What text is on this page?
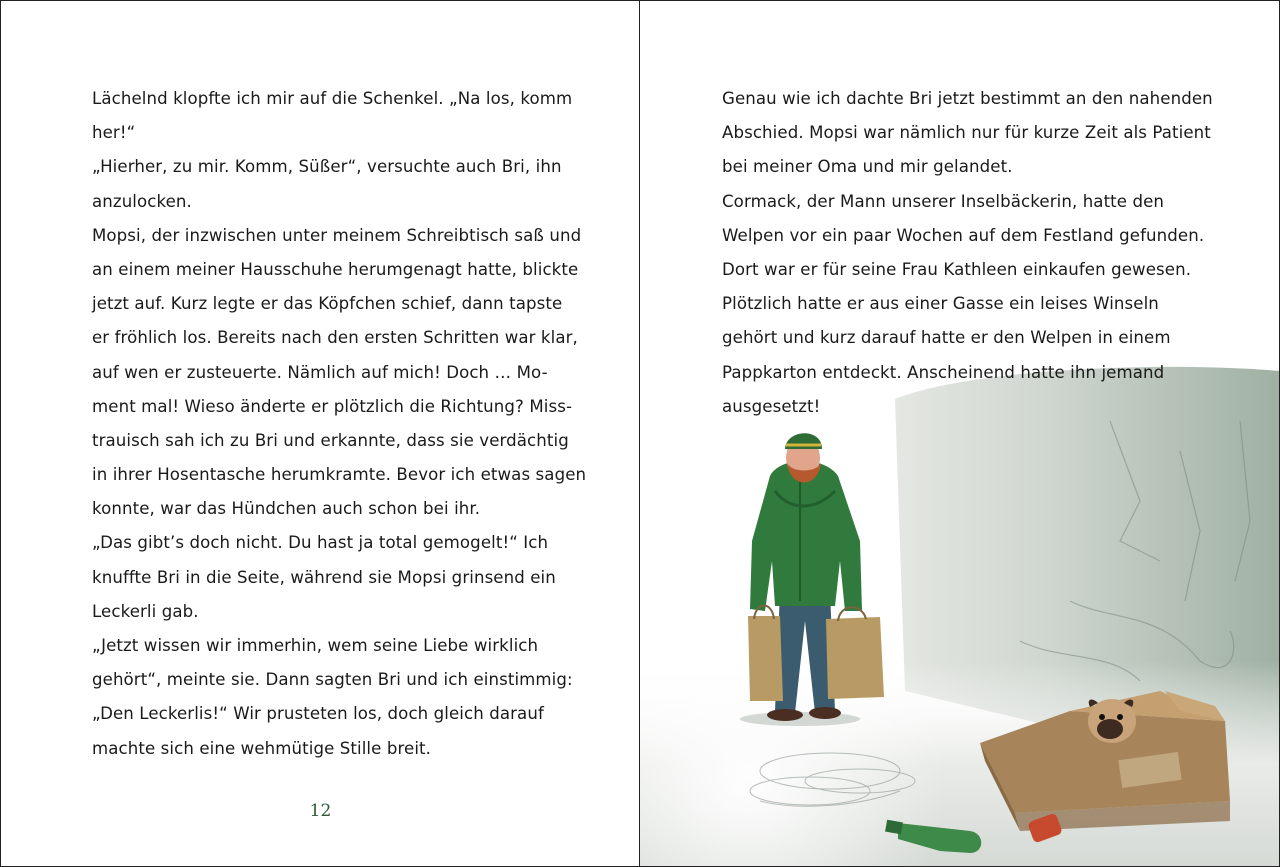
Lächelnd klopfte ich mir auf die Schenkel. „Na los, komm
her!“
„Hierher, zu mir. Komm, Süßer“, versuchte auch Bri, ihn
anzulocken.
Mopsi, der inzwischen unter meinem Schreibtisch saß und
an einem meiner Hausschuhe herumgenagt hatte, blickte
jetzt auf. Kurz legte er das Köpfchen schief, dann tapste
er fröhlich los. Bereits nach den ersten Schritten war klar,
auf wen er zusteuerte. Nämlich auf mich! Doch … Mo-
ment mal! Wieso änderte er plötzlich die Richtung? Miss-
trauisch sah ich zu Bri und erkannte, dass sie verdächtig
in ihrer Hosentasche herumkramte. Bevor ich etwas sagen
konnte, war das Hündchen auch schon bei ihr.
„Das gibt’s doch nicht. Du hast ja total gemogelt!“ Ich
knuffte Bri in die Seite, während sie Mopsi grinsend ein
Leckerli gab.
„Jetzt wissen wir immerhin, wem seine Liebe wirklich
gehört“, meinte sie. Dann sagten Bri und ich einstimmig:
„Den Leckerlis!“ Wir prusteten los, doch gleich darauf
machte sich eine wehmütige Stille breit.
12
Genau wie ich dachte Bri jetzt bestimmt an den nahenden
Abschied. Mopsi war nämlich nur für kurze Zeit als Patient
bei meiner Oma und mir gelandet.
Cormack, der Mann unserer Inselbäckerin, hatte den
Welpen vor ein paar Wochen auf dem Festland gefunden.
Dort war er für seine Frau Kathleen einkaufen gewesen.
Plötzlich hatte er aus einer Gasse ein leises Winseln
gehört und kurz darauf hatte er den Welpen in einem
Pappkarton entdeckt. Anscheinend hatte ihn jemand
ausgesetzt!
